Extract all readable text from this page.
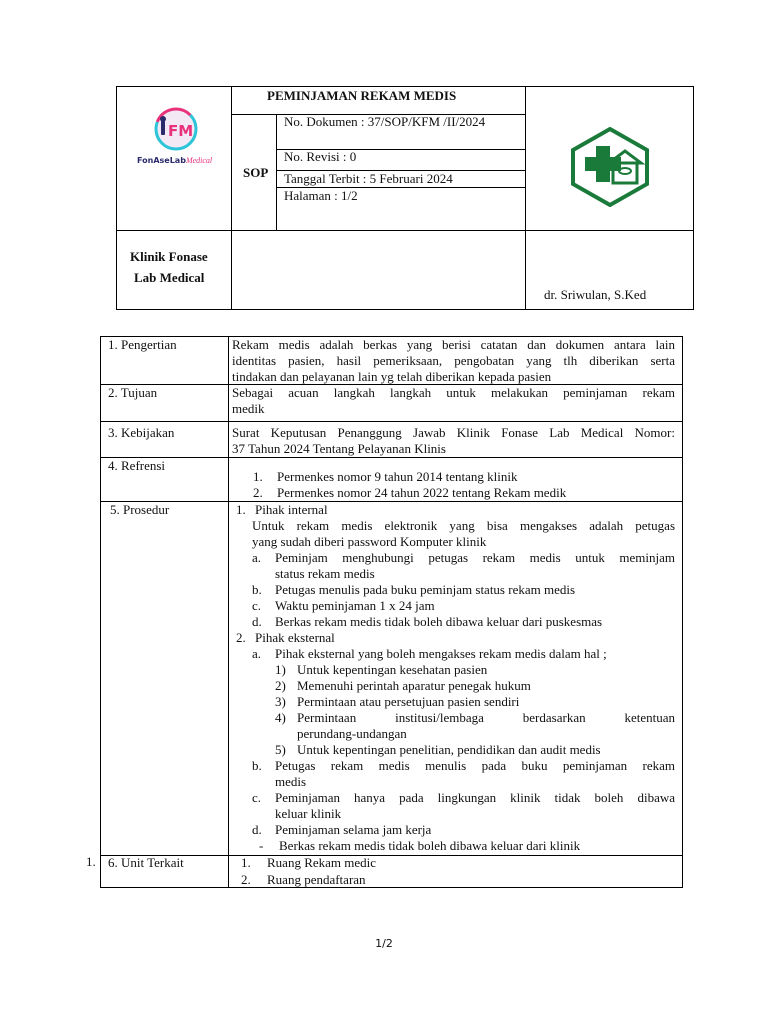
FM
FonAseLabMedical
PEMINJAMAN REKAM MEDIS
SOP
No. Dokumen : 37/SOP/KFM /II/2024
No. Revisi : 0
Tanggal Terbit : 5 Februari 2024
Halaman : 1/2
Klinik Fonase
Lab Medical
dr. Sriwulan, S.Ked
1. Pengertian	Rekam medis adalah berkas yang berisi catatan dan dokumen antara lain
identitas pasien, hasil pemeriksaan, pengobatan yang tlh diberikan serta
tindakan dan pelayanan lain yg telah diberikan kepada pasien
2. Tujuan	Sebagai acuan langkah langkah untuk melakukan peminjaman rekam
medik
3. Kebijakan	Surat Keputusan Penanggung Jawab Klinik Fonase Lab Medical Nomor:
37 Tahun 2024 Tentang Pelayanan Klinis
4. Refrensi
1. Permenkes nomor 9 tahun 2014 tentang klinik
2. Permenkes nomor 24 tahun 2022 tentang Rekam medik
5. Prosedur	1. Pihak internal
Untuk rekam medis elektronik yang bisa mengakses adalah petugas
yang sudah diberi password Komputer klinik
a. Peminjam menghubungi petugas rekam medis untuk meminjam
status rekam medis
b. Petugas menulis pada buku peminjam status rekam medis
c. Waktu peminjaman 1 x 24 jam
d. Berkas rekam medis tidak boleh dibawa keluar dari puskesmas
2. Pihak eksternal
a. Pihak eksternal yang boleh mengakses rekam medis dalam hal ;
1) Untuk kepentingan kesehatan pasien
2) Memenuhi perintah aparatur penegak hukum
3) Permintaan atau persetujuan pasien sendiri
4) Permintaan institusi/lembaga berdasarkan ketentuan
perundang-undangan
5) Untuk kepentingan penelitian, pendidikan dan audit medis
b. Petugas rekam medis menulis pada buku peminjaman rekam
medis
c. Peminjaman hanya pada lingkungan klinik tidak boleh dibawa
keluar klinik
d. Peminjaman selama jam kerja
- Berkas rekam medis tidak boleh dibawa keluar dari klinik
6. Unit Terkait	1. Ruang Rekam medic
2. Ruang pendaftaran
1.
1/2
